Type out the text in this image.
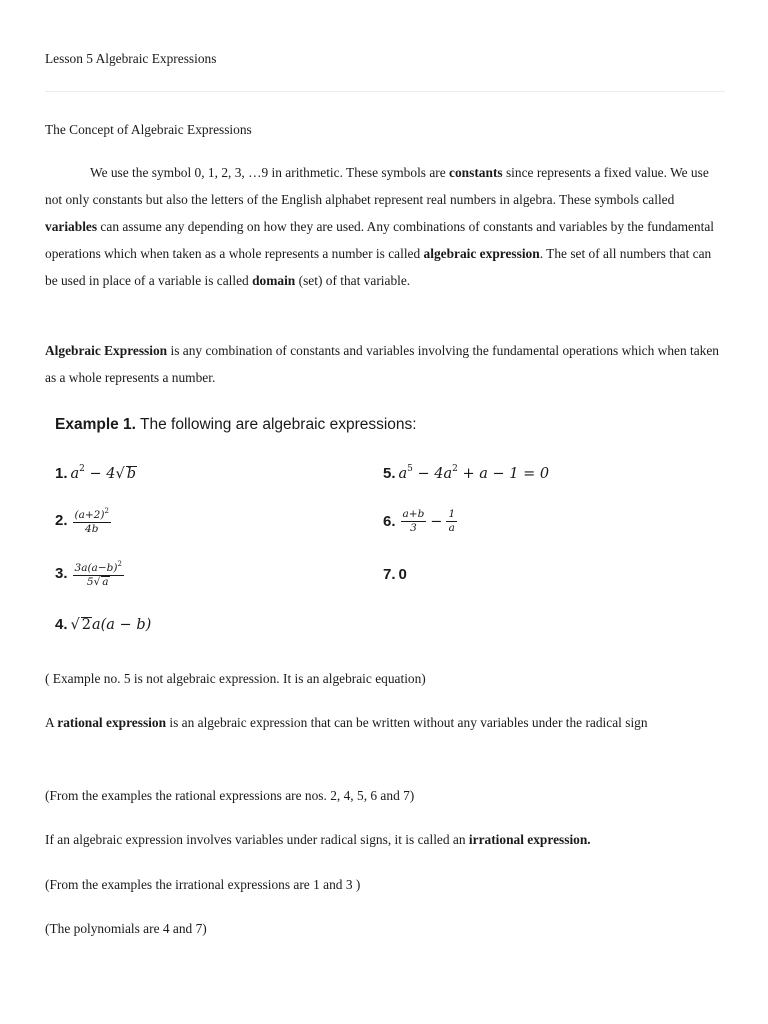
Lesson 5 Algebraic Expressions

The Concept of Algebraic Expressions

We use the symbol 0, 1, 2, 3, …9 in arithmetic. These symbols are constants since represents a fixed value. We use not only constants but also the letters of the English alphabet represent real numbers in algebra. These symbols called variables can assume any depending on how they are used. Any combinations of constants and variables by the fundamental operations which when taken as a whole represents a number is called algebraic expression. The set of all numbers that can be used in place of a variable is called domain (set) of that variable.

Algebraic Expression is any combination of constants and variables involving the fundamental operations which when taken as a whole represents a number.

Example 1. The following are algebraic expressions:
1. $a^2 - 4√$ b
2. $\frac{(a+2)^2}{4b}$
3. $\frac{3a(a-b)^2}{5√ a}$
4. √ 2a(a − b)
5. $a^5 - 4a^2 + a - 1 = 0$
6. $\frac{a+b}{3} - \frac{1}{a}$
7. 0

( Example no. 5 is not algebraic expression. It is an algebraic equation)

A rational expression is an algebraic expression that can be written without any variables under the radical sign

(From the examples the rational expressions are nos. 2, 4, 5, 6 and 7)

If an algebraic expression involves variables under radical signs, it is called an irrational expression.

(From the examples the irrational expressions are 1 and 3 )

(The polynomials are 4 and 7)
